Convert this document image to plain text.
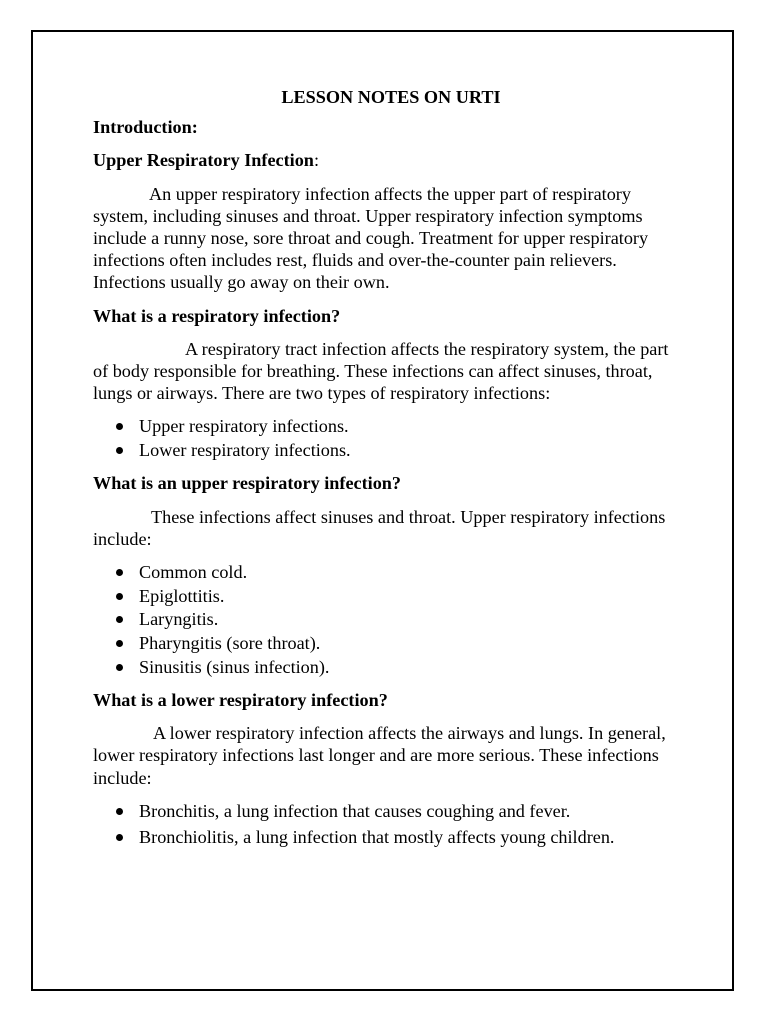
LESSON NOTES ON URTI
Introduction:
Upper Respiratory Infection:

An upper respiratory infection affects the upper part of respiratory system, including sinuses and throat. Upper respiratory infection symptoms include a runny nose, sore throat and cough. Treatment for upper respiratory infections often includes rest, fluids and over-the-counter pain relievers. Infections usually go away on their own.

What is a respiratory infection?

A respiratory tract infection affects the respiratory system, the part of body responsible for breathing. These infections can affect sinuses, throat, lungs or airways. There are two types of respiratory infections:

Upper respiratory infections.
Lower respiratory infections.
What is an upper respiratory infection?

These infections affect sinuses and throat. Upper respiratory infections include:

Common cold.
Epiglottitis.
Laryngitis.
Pharyngitis (sore throat).
Sinusitis (sinus infection).
What is a lower respiratory infection?

A lower respiratory infection affects the airways and lungs. In general, lower respiratory infections last longer and are more serious. These infections include:

Bronchitis, a lung infection that causes coughing and fever.
Bronchiolitis, a lung infection that mostly affects young children.
